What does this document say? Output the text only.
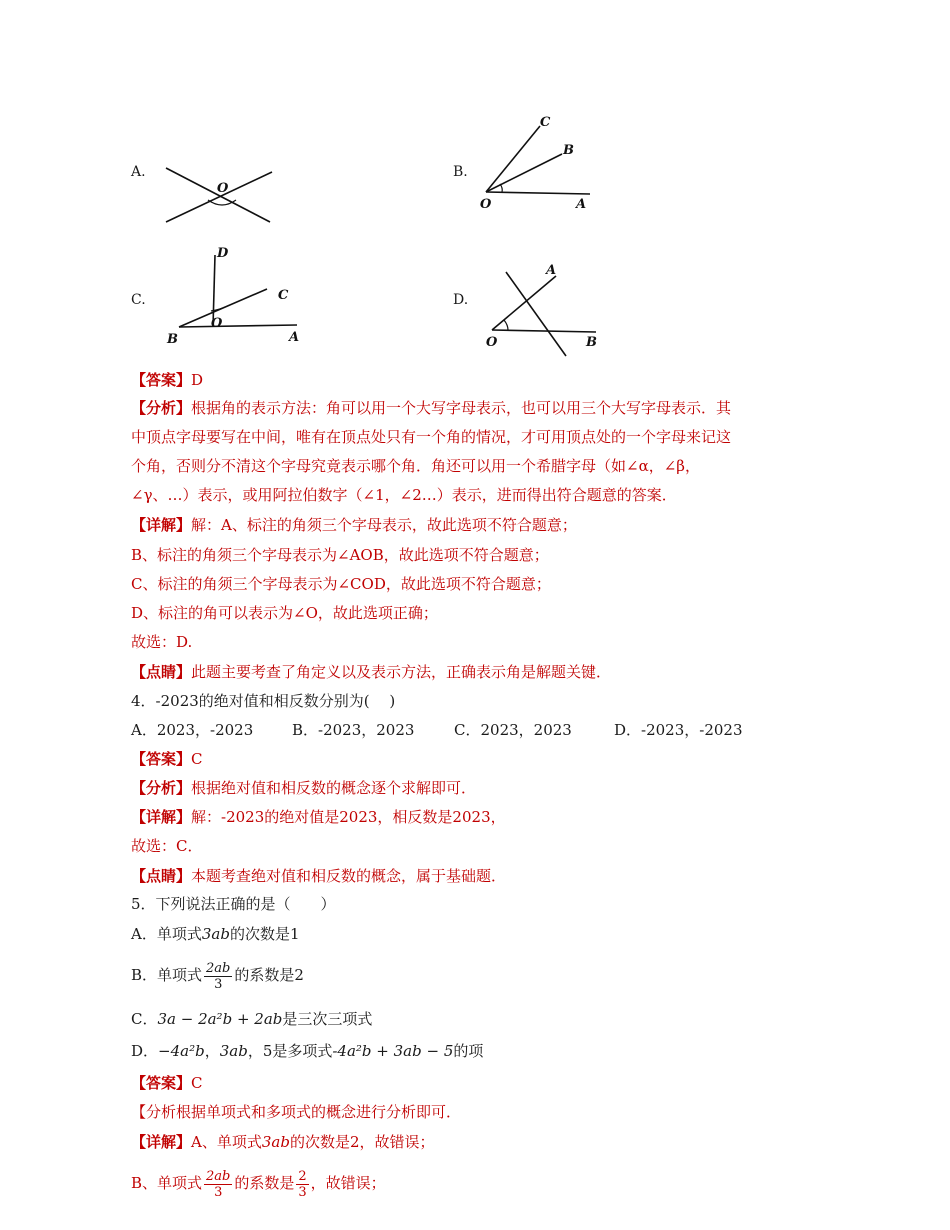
A.
O
B.
C
B
O	A
C.
D
C
B
O
A
D.
A
O	B
【答案】D
【分析】根据角的表示方法：角可以用一个大写字母表示，也可以用三个大写字母表示．其
中顶点字母要写在中间，唯有在顶点处只有一个角的情况，才可用顶点处的一个字母来记这
个角，否则分不清这个字母究竟表示哪个角．角还可以用一个希腊字母（如∠α，∠β，
∠γ、…）表示，或用阿拉伯数字（∠1，∠2…）表示，进而得出符合题意的答案．
【详解】解：A、标注的角须三个字母表示，故此选项不符合题意；
B、标注的角须三个字母表示为∠AOB，故此选项不符合题意；
C、标注的角须三个字母表示为∠COD，故此选项不符合题意；
D、标注的角可以表示为∠O，故此选项正确；
故选：D.
【点睛】此题主要考查了角定义以及表示方法，正确表示角是解题关键．
4．-2023的绝对值和相反数分别为(　 )
A．2023，-2023	B．-2023，2023	C．2023，2023	D．-2023，-2023
【答案】C
【分析】根据绝对值和相反数的概念逐个求解即可．
【详解】解：-2023的绝对值是2023，相反数是2023，
故选：C．
【点睛】本题考查绝对值和相反数的概念，属于基础题．
5．下列说法正确的是（　　）
A．单项式3ab的次数是1
B．单项式 $\frac{2ab}{3}$ 的系数是2
C．3a − 2a²b + 2ab是三次三项式
D．−4a²b，3ab，5是多项式-4a²b + 3ab − 5的项
【答案】C
【分析根据单项式和多项式的概念进行分析即可．
【详解】A、单项式3ab的次数是2，故错误；
B、单项式 $\frac{2ab}{3}$ 的系数是 $\frac{2}{3}$ ，故错误；
